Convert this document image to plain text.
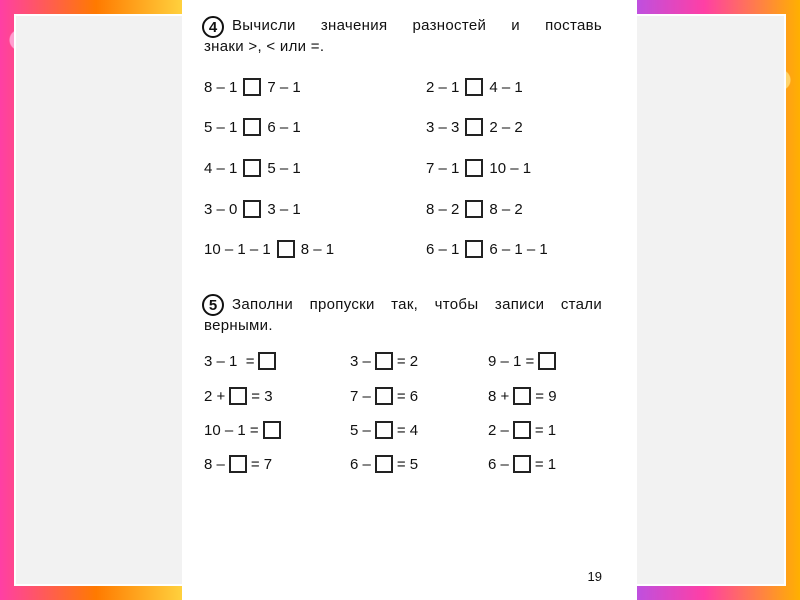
4 Вычисли значения разностей и поставь
знаки >, < или =.
8 – 1 7 – 1	2 – 1 4 – 1
5 – 1 6 – 1	3 – 3 2 – 2
4 – 1 5 – 1	7 – 1 10 – 1
3 – 0 3 – 1	8 – 2 8 – 2
10 – 1 – 1 8 – 1	6 – 1 6 – 1 – 1
5 Заполни пропуски так, чтобы записи стали
верными.
3 – 1  =	3 – = 2	9 – 1 =
2 + = 3	7 – = 6	8 + = 9
10 – 1 =	5 – = 4	2 – = 1
8 – = 7	6 – = 5	6 – = 1
19
